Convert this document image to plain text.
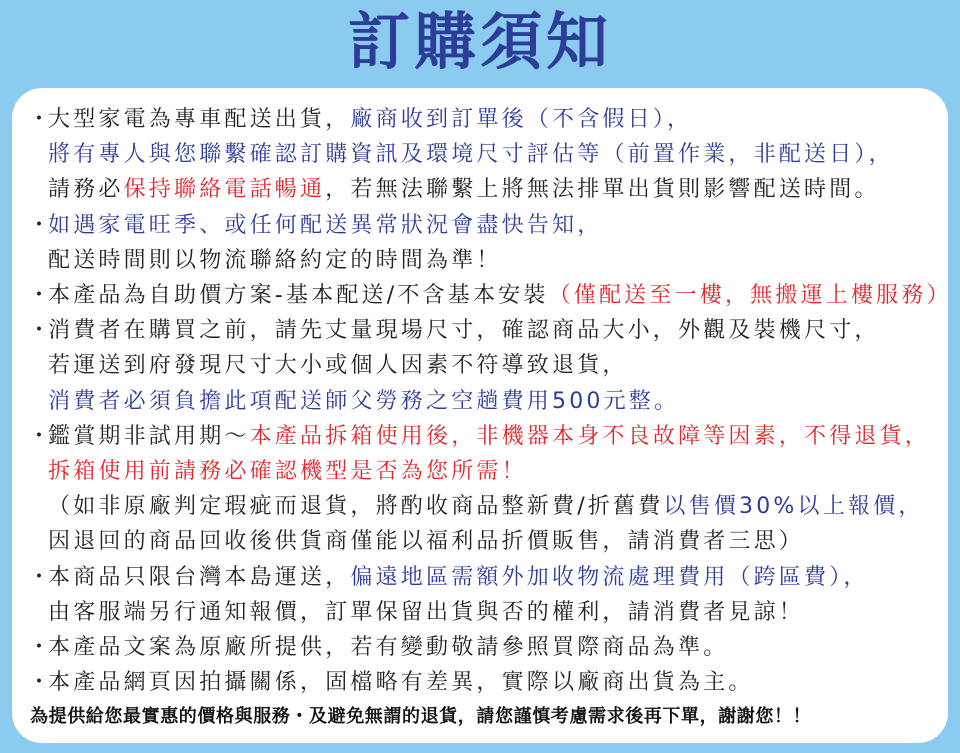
訂購須知
・
大型家電為專車配送出貨，廠商收到訂單後（不含假日），
將有專人與您聯繫確認訂購資訊及環境尺寸評估等（前置作業，非配送日），
請務必保持聯絡電話暢通，若無法聯繫上將無法排單出貨則影響配送時間。
・
如遇家電旺季、或任何配送異常狀況會盡快告知，
配送時間則以物流聯絡約定的時間為準！
・
本產品為自助價方案-基本配送/不含基本安裝（僅配送至一樓，無搬運上樓服務）
・
消費者在購買之前，請先丈量現場尺寸，確認商品大小，外觀及裝機尺寸，
若運送到府發現尺寸大小或個人因素不符導致退貨，
消費者必須負擔此項配送師父勞務之空趟費用500元整。
・
鑑賞期非試用期～本產品拆箱使用後，非機器本身不良故障等因素，不得退貨，
拆箱使用前請務必確認機型是否為您所需！
（如非原廠判定瑕疵而退貨，將酌收商品整新費/折舊費以售價30%以上報價，
因退回的商品回收後供貨商僅能以福利品折價販售，請消費者三思）
・
本商品只限台灣本島運送，偏遠地區需額外加收物流處理費用（跨區費），
由客服端另行通知報價，訂單保留出貨與否的權利，請消費者見諒！
・
本產品文案為原廠所提供，若有變動敬請參照買際商品為準。
・
本產品網頁因拍攝關係，固檔略有差異，實際以廠商出貨為主。
為提供給您最實惠的價格與服務・及避免無謂的退貨，請您謹慎考慮需求後再下單，謝謝您！！
